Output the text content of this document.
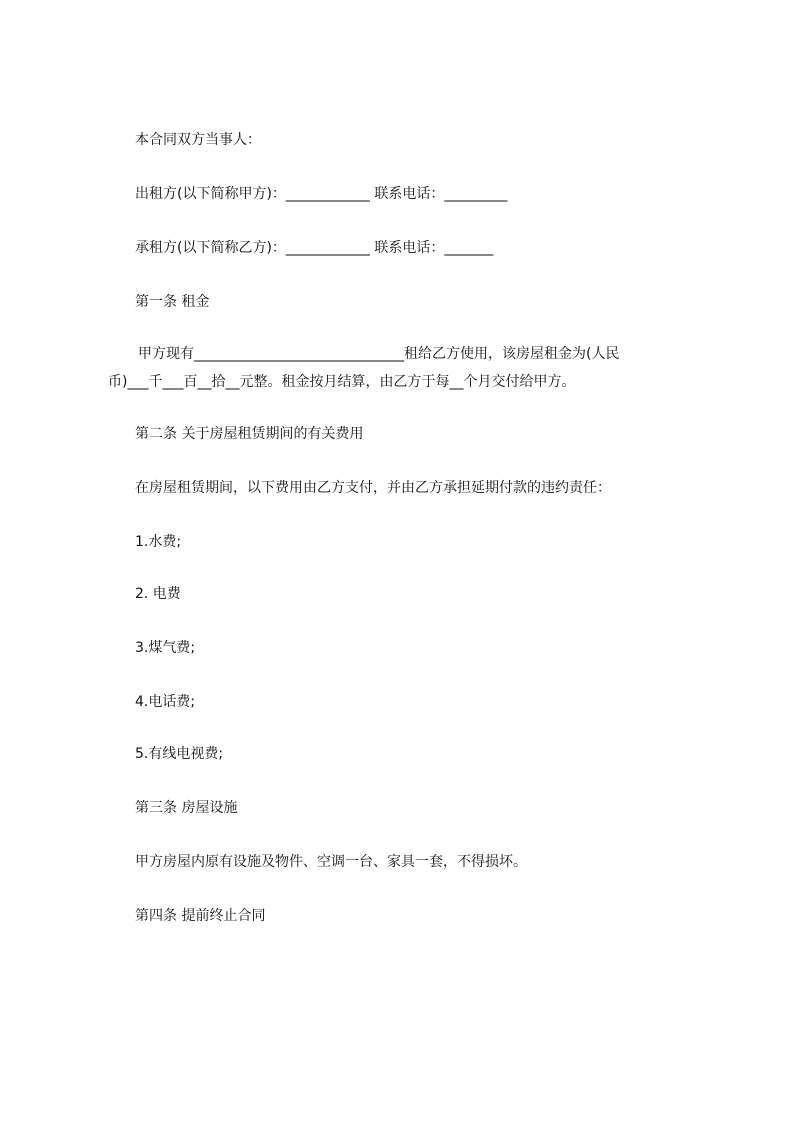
本合同双方当事人：
出租方(以下简称甲方)：____________ 联系电话：_________
承租方(以下简称乙方)：____________ 联系电话：_______
第一条 租金
甲方现有______________________________租给乙方使用，该房屋租金为(人民
币)___千___百__拾__元整。租金按月结算，由乙方于每__个月交付给甲方。
第二条 关于房屋租赁期间的有关费用
在房屋租赁期间，以下费用由乙方支付，并由乙方承担延期付款的违约责任：
1.水费;
2. 电费
3.煤气费;
4.电话费;
5.有线电视费;
第三条 房屋设施
甲方房屋内原有设施及物件、空调一台、家具一套，不得损坏。
第四条 提前终止合同
